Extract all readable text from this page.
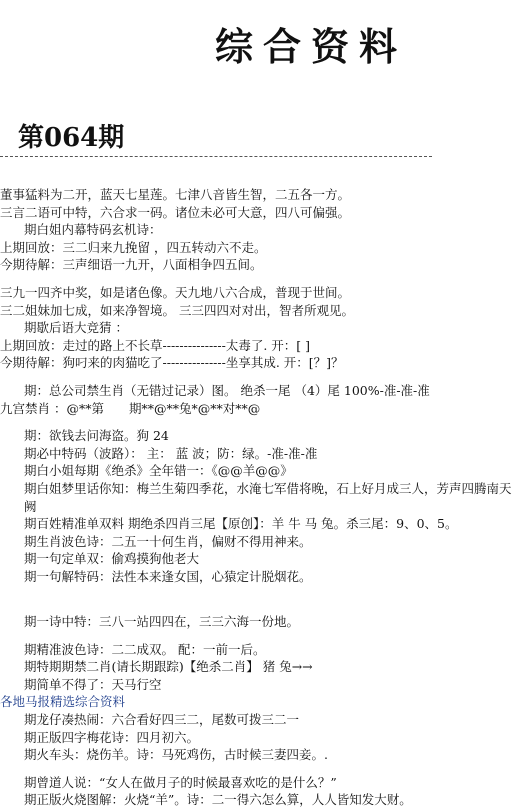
综合资料
第064期
董事猛料为二开，蓝天七星莲。七津八音皆生智，二五各一方。
三言二语可中特，六合求一码。诸位未必可大意，四八可偏强。
期白姐内幕特码玄机诗：
上期回放：三二归来九挽留 ，四五转动六不走。
今期待解：三声细语一九开，八面相争四五间。
三九一四齐中奖，如是诸色像。天九地八六合成，普现于世间。
三二姐妹加七成，如来净智境。 三三四四对对出，智者所观见。
期歇后语大竞猜 ：
上期回放：走过的路上不长草---------------太毒了. 开：[ ]
今期待解：狗叼来的肉猫吃了---------------坐享其成. 开：[？]？
期：总公司禁生肖（无错过记录）图。 绝杀一尾 （4）尾 100%-准-准-准
九宫禁肖 ：@**第　　期**@**兔*@**对**@
期：欲钱去问海盗。狗 24
期必中特码（波路）： 主： 蓝 波；防：绿。-准-准-准
期白小姐每期《绝杀》全年错一：《@@羊@@》
期白姐梦里话你知：梅兰生菊四季花，水淹七军借将晚，石上好月成三人，芳声四腾南天阙
期百姓精准单双料 期绝杀四肖三尾【原创】：羊 牛 马 兔。杀三尾：9、0、5。
期生肖波色诗：二五一十何生肖，偏财不得用神来。
期一句定单双：偷鸡摸狗他老大
期一句解特码：法性本来逢女国，心猿定计脱烟花。
期一诗中特：三八一站四四在，三三六海一份地。
期精准波色诗：二二成双。 配：一前一后。
期特期期禁二肖(请长期跟踪)【绝杀二肖】 猪 兔→→
期简单不得了：天马行空
各地马报精选综合资料
期龙仔凑热闹：六合看好四三二，尾数可拨三二一
期正版四字梅花诗：四月初六。
期火车头：烧伤羊。诗：马死鸡伤，古时候三妻四妾。.
期曾道人说：“女人在做月子的时候最喜欢吃的是什么？”
期正版火烧图解：火烧“羊”。诗：二一得六怎么算，人人皆知发大财。
